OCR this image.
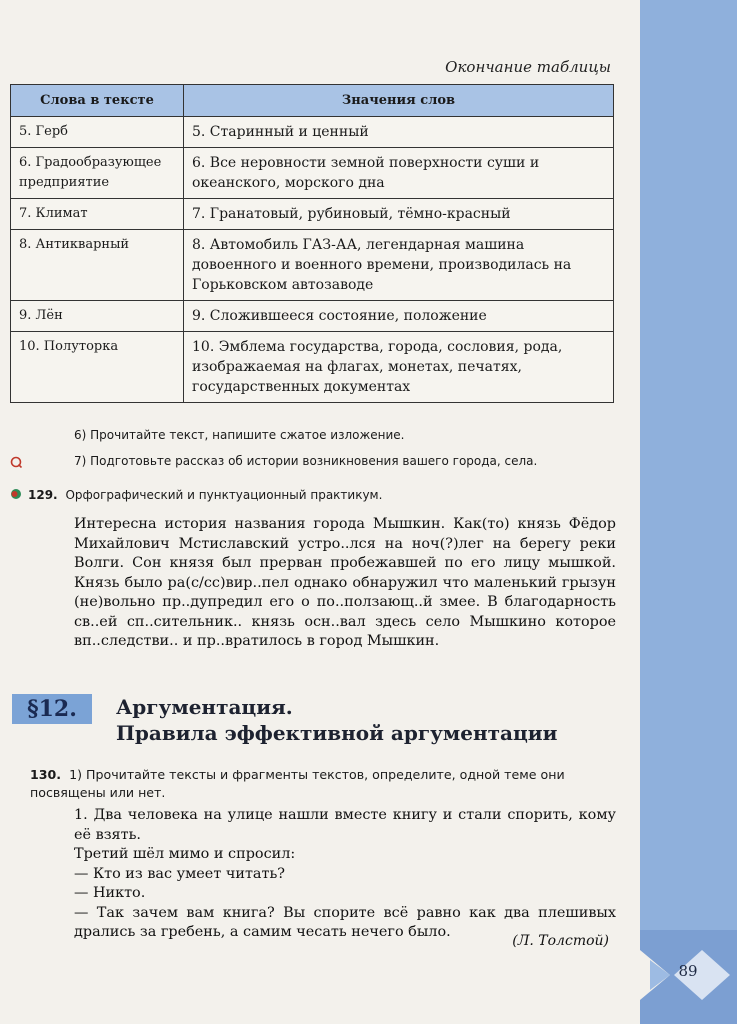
89
Окончание таблицы
Слова в тексте	Значения слов
5. Герб	5. Старинный и ценный
6. Градообразующее предприятие	6. Все неровности земной поверхности суши и океанского, морского дна
7. Климат	7. Гранатовый, рубиновый, тёмно-красный
8. Антикварный	8. Автомобиль ГАЗ-АА, легендарная машина довоенного и военного времени, производилась на Горьковском автозаводе
9. Лён	9. Сложившееся состояние, положение
10. Полуторка	10. Эмблема государства, города, сословия, рода, изображаемая на флагах, монетах, печатях, государственных документах
6) Прочитайте текст, напишите сжатое изложение.
7) Подготовьте рассказ об истории возникновения вашего города, села.
129. Орфографический и пунктуационный практикум.

Интересна история названия города Мышкин. Как(то) князь Фёдор Михайлович Мстиславский устро..лся на ноч(?)лег на берегу реки Волги. Сон князя был прерван пробежавшей по его лицу мышкой. Князь было ра(с/сс)вир..пел однако обнаружил что маленький грызун (не)вольно пр..дупредил его о по..ползающ..й змее. В благодарность св..ей сп..сительник.. князь осн..вал здесь село Мышкино которое вп..следстви.. и пр..вратилось в город Мышкин.

§12.	Аргументация.
Правила эффективной аргументации
130. 1) Прочитайте тексты и фрагменты текстов, определите, одной теме они посвящены или нет.

1. Два человека на улице нашли вместе книгу и стали спорить, кому её взять.

Третий шёл мимо и спросил:

— Кто из вас умеет читать?

— Никто.

— Так зачем вам книга? Вы спорите всё равно как два плешивых дрались за гребень, а самим чесать нечего было.

(Л. Толстой)
